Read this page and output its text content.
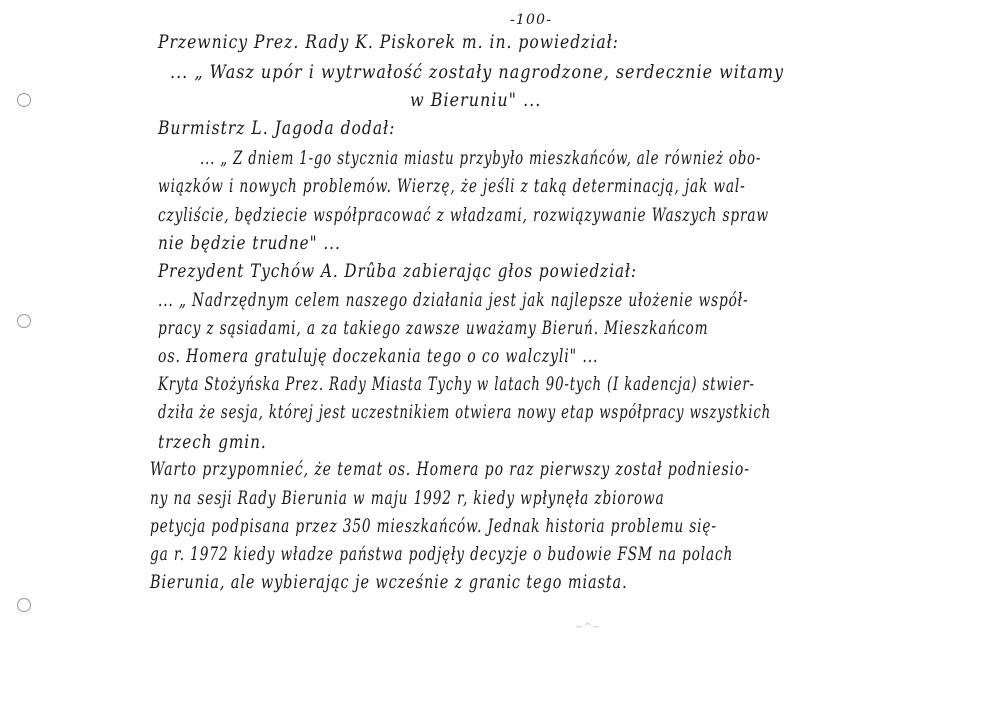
-100-
Przewnicy Prez. Rady K. Piskorek m. in. powiedział:
... „ Wasz upór i wytrwałość zostały nagrodzone, serdecznie witamy
w Bieruniu" ...
Burmistrz L. Jagoda dodał:
... „ Z dniem 1-go stycznia miastu przybyło mieszkańców, ale również obo-
wiązków i nowych problemów. Wierzę, że jeśli z taką determinacją, jak wal-
czyliście, będziecie współpracować z władzami, rozwiązywanie Waszych spraw
nie będzie trudne" ...
Prezydent Tychów A. Drûba zabierając głos powiedział:
... „ Nadrzędnym celem naszego działania jest jak najlepsze ułożenie współ-
pracy z sąsiadami, a za takiego zawsze uważamy Bieruń. Mieszkańcom
os. Homera gratuluję doczekania tego o co walczyli" ...
Kryta Stożyńska Prez. Rady Miasta Tychy w latach 90-tych (I kadencja) stwier-
dziła że sesja, której jest uczestnikiem otwiera nowy etap współpracy wszystkich
trzech gmin.
Warto przypomnieć, że temat os. Homera po raz pierwszy został podniesio-
ny na sesji Rady Bierunia w maju 1992 r, kiedy wpłynęła zbiorowa
petycja podpisana przez 350 mieszkańców. Jednak historia problemu się-
ga r. 1972 kiedy władze państwa podjęły decyzje o budowie FSM na polach
Bierunia, ale wybierając je wcześnie z granic tego miasta.
~^~
